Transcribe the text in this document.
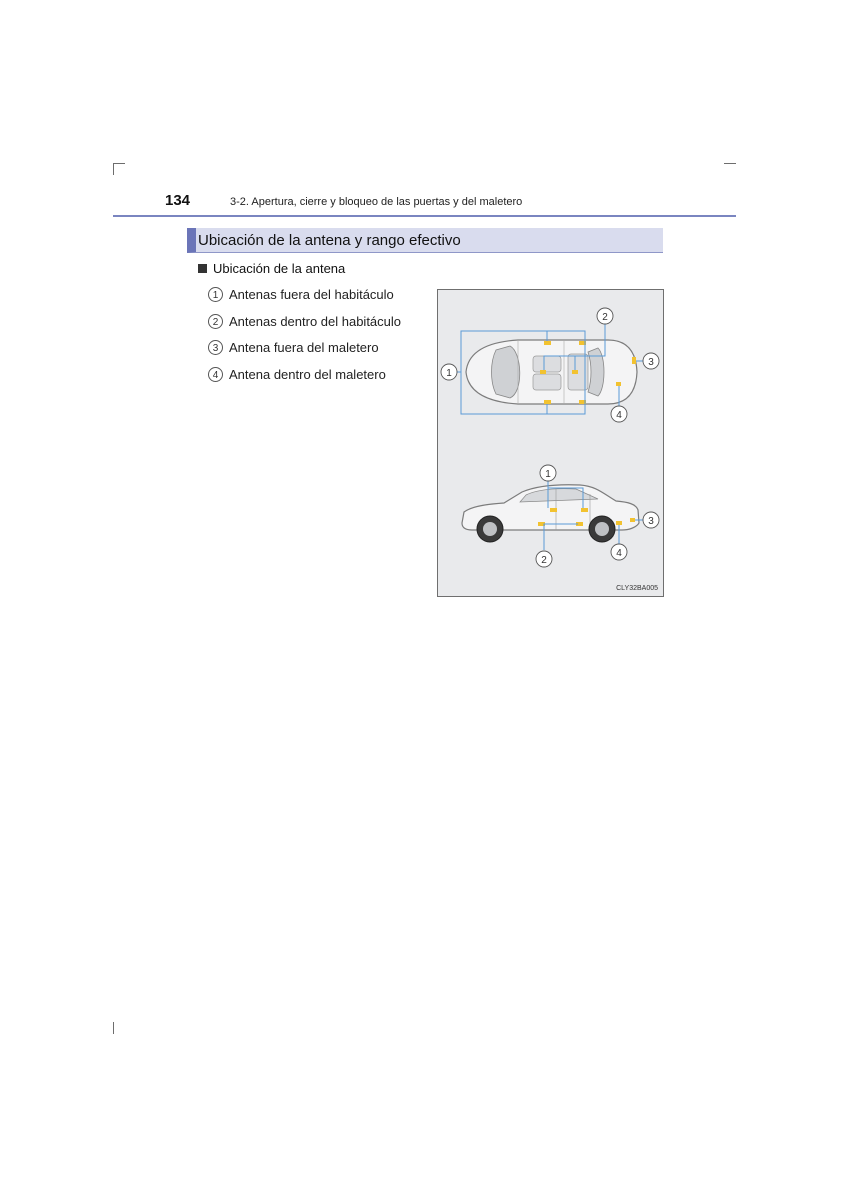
134	3-2. Apertura, cierre y bloqueo de las puertas y del maletero
Ubicación de la antena y rango efectivo
Ubicación de la antena
1 Antenas fuera del habitáculo
2 Antenas dentro del habitáculo
3 Antena fuera del maletero
4 Antena dentro del maletero	1
2
3
4
1
2
3
4
CLY32BA005
